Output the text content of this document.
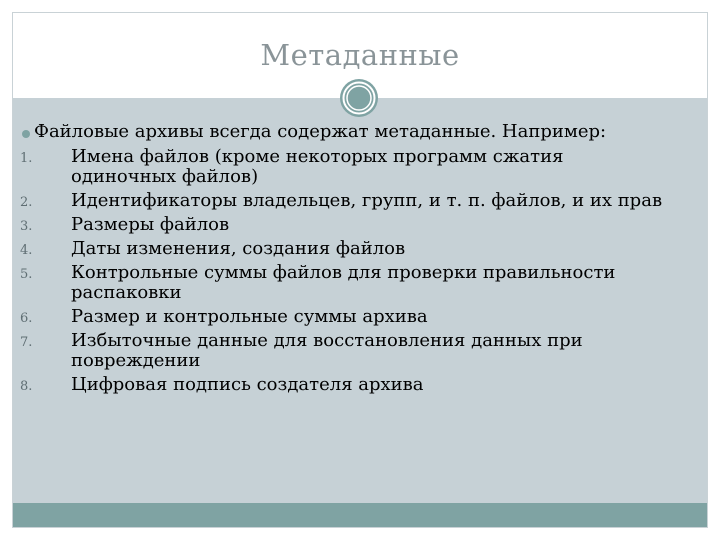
Метаданные
Файловые архивы всегда содержат метаданные. Например:
1. Имена файлов (кроме некоторых программ сжатия
одиночных файлов)
2. Идентификаторы владельцев, групп, и т. п. файлов, и их прав
3. Размеры файлов
4. Даты изменения, создания файлов
5. Контрольные суммы файлов для проверки правильности
распаковки
6. Размер и контрольные суммы архива
7. Избыточные данные для восстановления данных при
повреждении
8. Цифровая подпись создателя архива
